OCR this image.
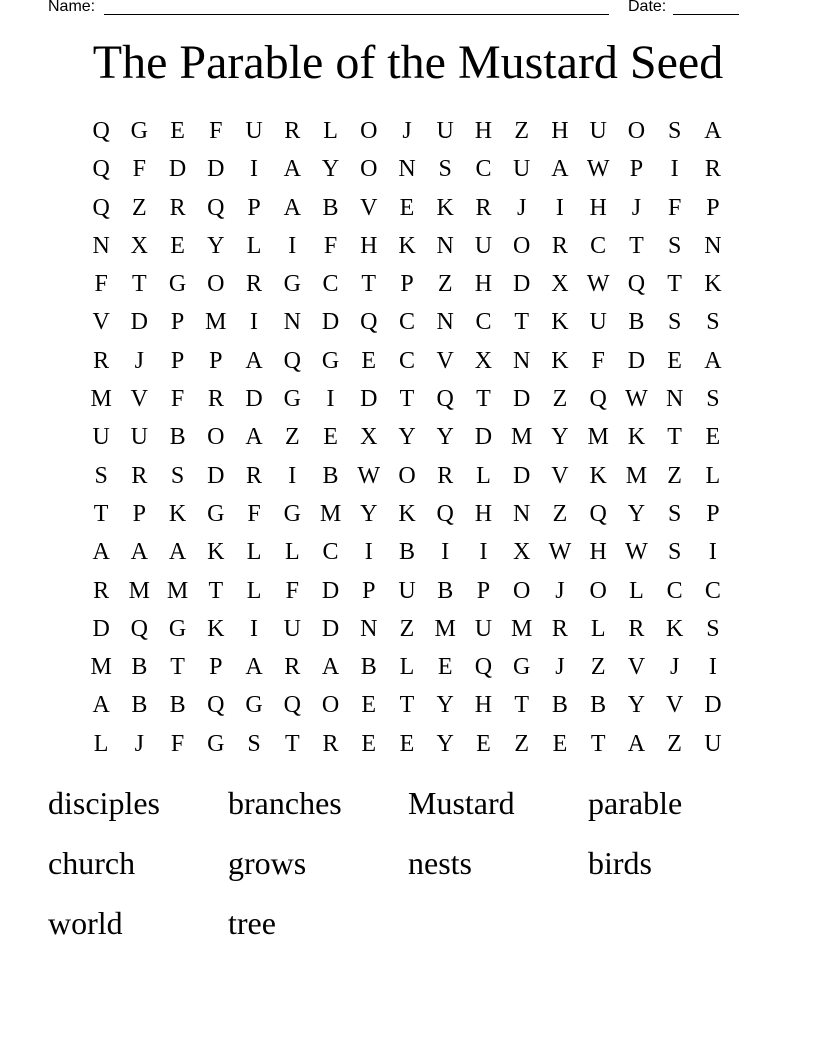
Name:	Date:
The Parable of the Mustard Seed
Q G E	F U R L O	J	U H Z H U O S A
Q F D D	I	A Y O N S C U A W P	I	R
Q Z R Q P A B V E K R	J	I	H	J	F	P
N X E Y L	I	F H K N U O R C T	S N
F	T G O R G C T	P	Z H D X W Q T K
V D P M I	N D Q C N C T K U B S	S
R	J	P	P A Q G E C V X N K F D E A
M V F R D G	I	D T Q T D Z Q W N S
U U B O A Z E X Y Y D M Y M K T E
S R S D R	I	B W O R L D V K M Z L
T	P K G F G M Y K Q H N Z Q Y S	P
A A A K L L C	I	B	I	I	X W H W S	I
R M M T L	F D P U B P O	J	O L C C
D Q G K	I	U D N Z M U M R L R K S
M B T	P A R A B L E Q G	J	Z V	J	I
A B B Q G Q O E T Y H T B B Y V D
L	J	F G S	T R E E Y E Z E T A Z U
disciples	branches	Mustard	parable
church	grows	nests	birds
world	tree
